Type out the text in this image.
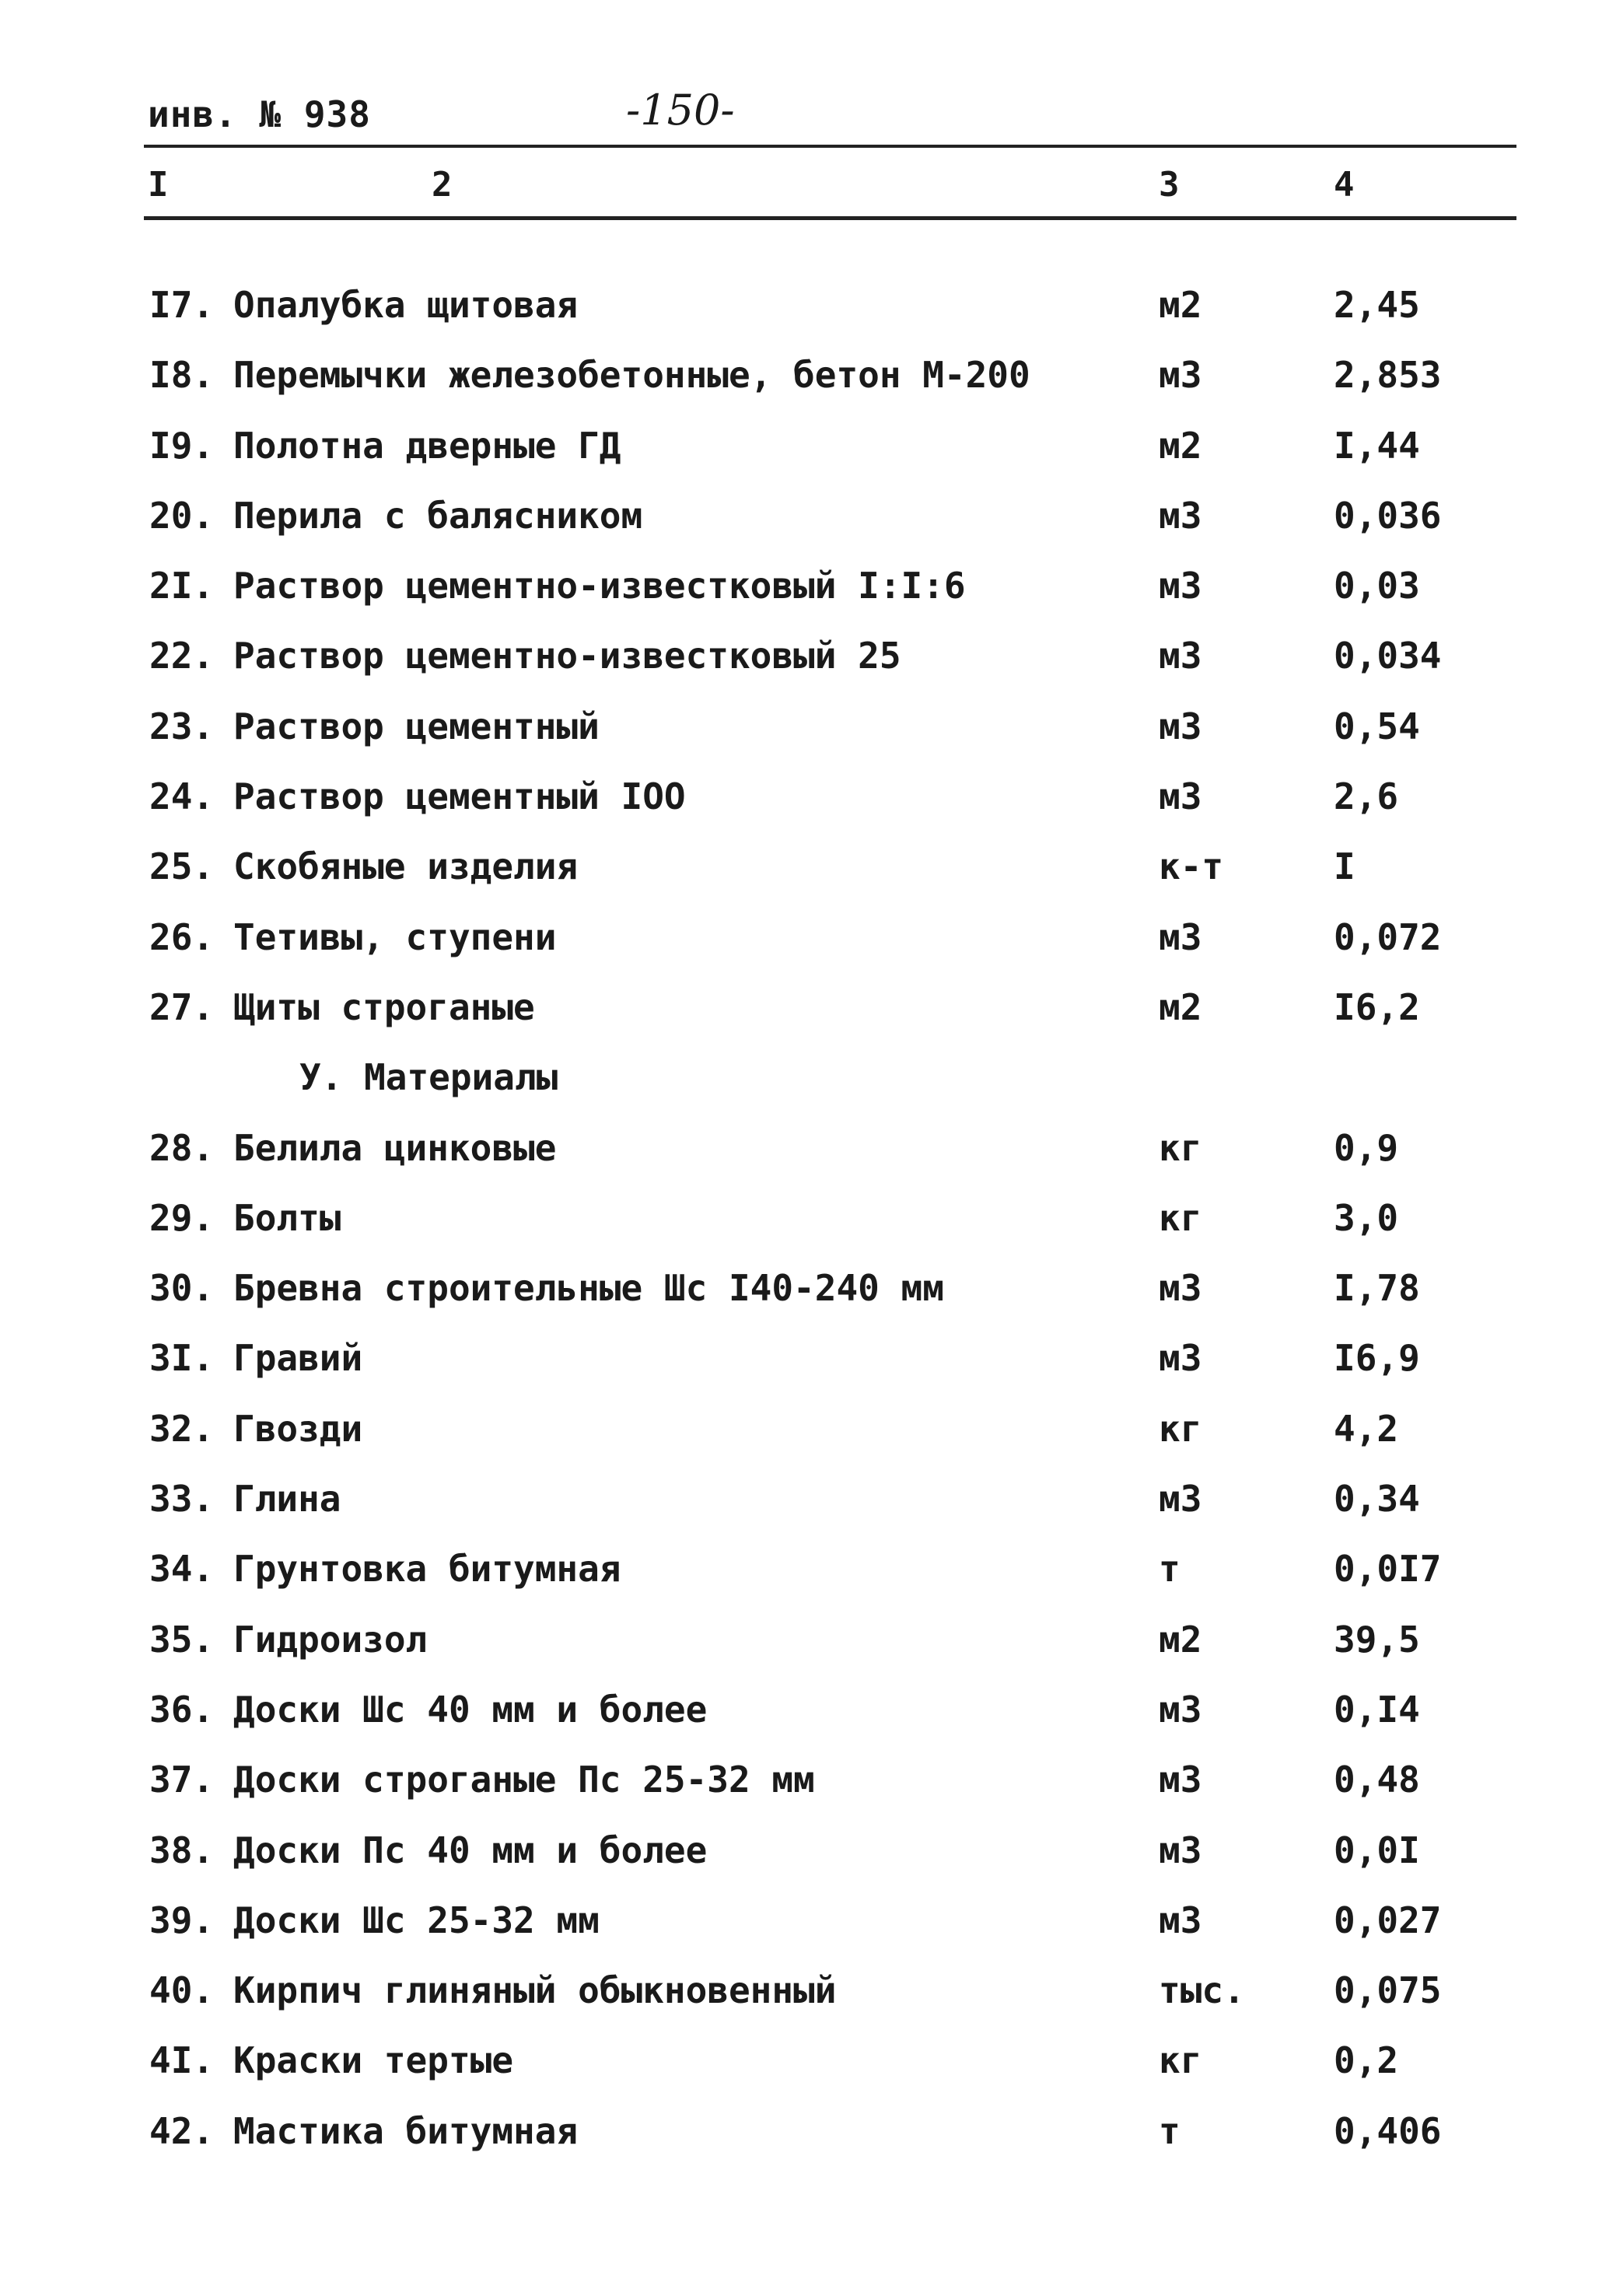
инв. № 938	-150-
I	2	3	4
I7. Опалубка щитовая	м2	2,45
I8. Перемычки железобетонные, бетон М-200	м3	2,853
I9. Полотна дверные ГД	м2	I,44
20. Перила с балясником	м3	0,036
2I. Раствор цементно-известковый I:I:6	м3	0,03
22. Раствор цементно-известковый 25	м3	0,034
23. Раствор цементный	м3	0,54
24. Раствор цементный IOO	м3	2,6
25. Скобяные изделия	к-т	I
26. Тетивы, ступени	м3	0,072
27. Щиты строганые	м2	I6,2
У. Материалы
28. Белила цинковые	кг	0,9
29. Болты	кг	3,0
30. Бревна строительные Шс I40-240 мм	м3	I,78
3I. Гравий	м3	I6,9
32. Гвозди	кг	4,2
33. Глина	м3	0,34
34. Грунтовка битумная	т	0,0I7
35. Гидроизол	м2	39,5
36. Доски Шс 40 мм и более	м3	0,I4
37. Доски строганые Пс 25-32 мм	м3	0,48
38. Доски Пс 40 мм и более	м3	0,0I
39. Доски Шс 25-32 мм	м3	0,027
40. Кирпич глиняный обыкновенный	тыс. 0,075
4I. Краски тертые	кг	0,2
42. Мастика битумная	т	0,406
